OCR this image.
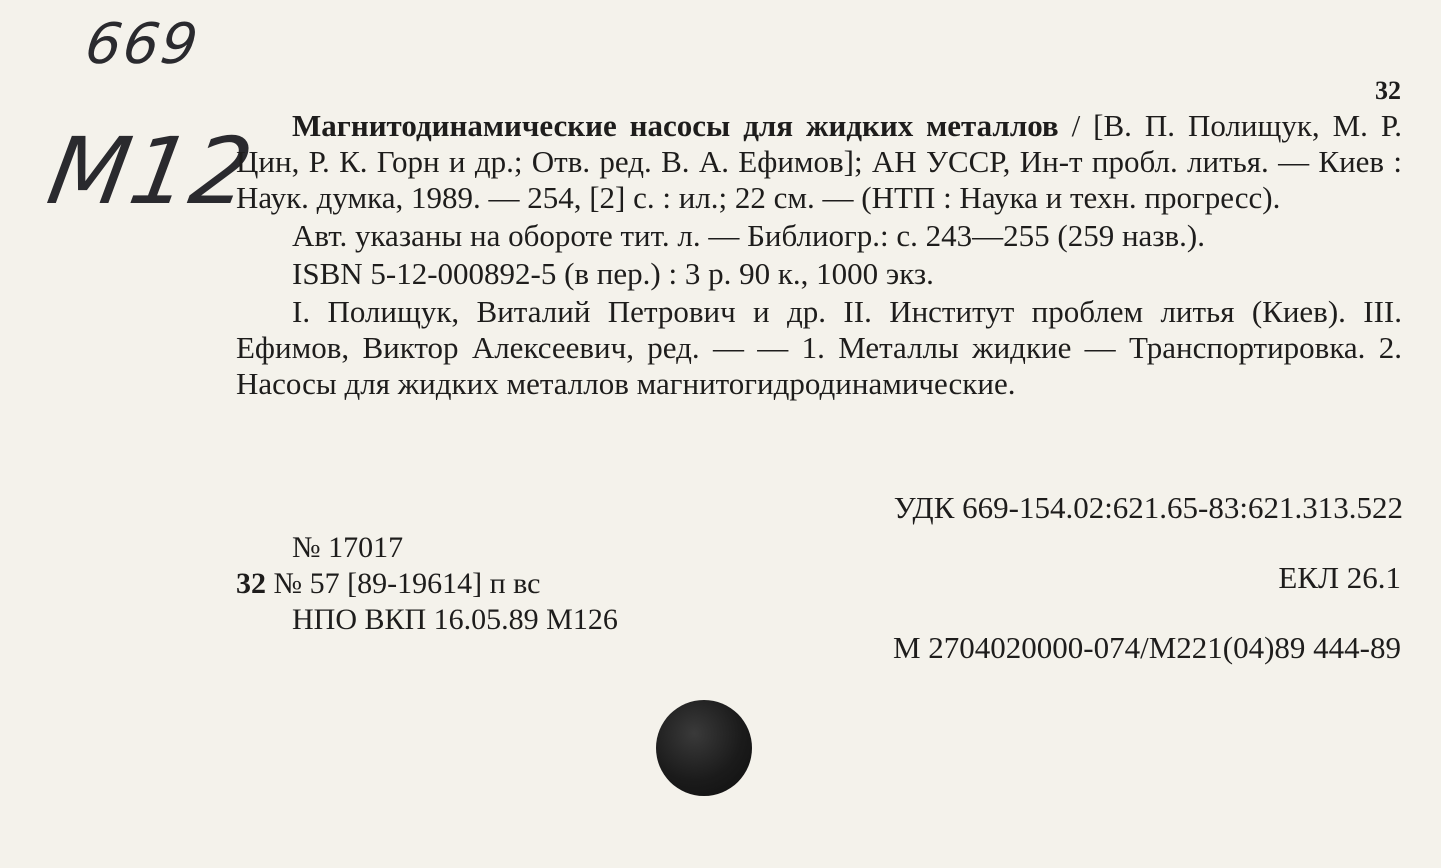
669
M12
32

Магнитодинамические насосы для жидких металлов / [В. П. Полищук, М. Р. Цин, Р. К. Горн и др.; Отв. ред. В. А. Ефимов]; АН УССР, Ин-т пробл. литья. — Киев : Наук. думка, 1989. — 254, [2] с. : ил.; 22 см. — (НТП : Наука и техн. прогресс).

Авт. указаны на обороте тит. л. — Библиогр.: с. 243—255 (259 назв.).

ISBN 5-12-000892-5 (в пер.) : 3 р. 90 к., 1000 экз.

I. Полищук, Виталий Петрович и др. II. Институт проблем литья (Киев). III. Ефимов, Виктор Алексеевич, ред. — — 1. Металлы жидкие — Транспортировка. 2. Насосы для жидких металлов магнитогидродинамические.

УДК 669-154.02:621.65-83:621.313.522
№ 17017
32 № 57 [89-19614] п вс
НПО ВКП 16.05.89 М126
ЕКЛ 26.1
М 2704020000-074/М221(04)89 444-89
